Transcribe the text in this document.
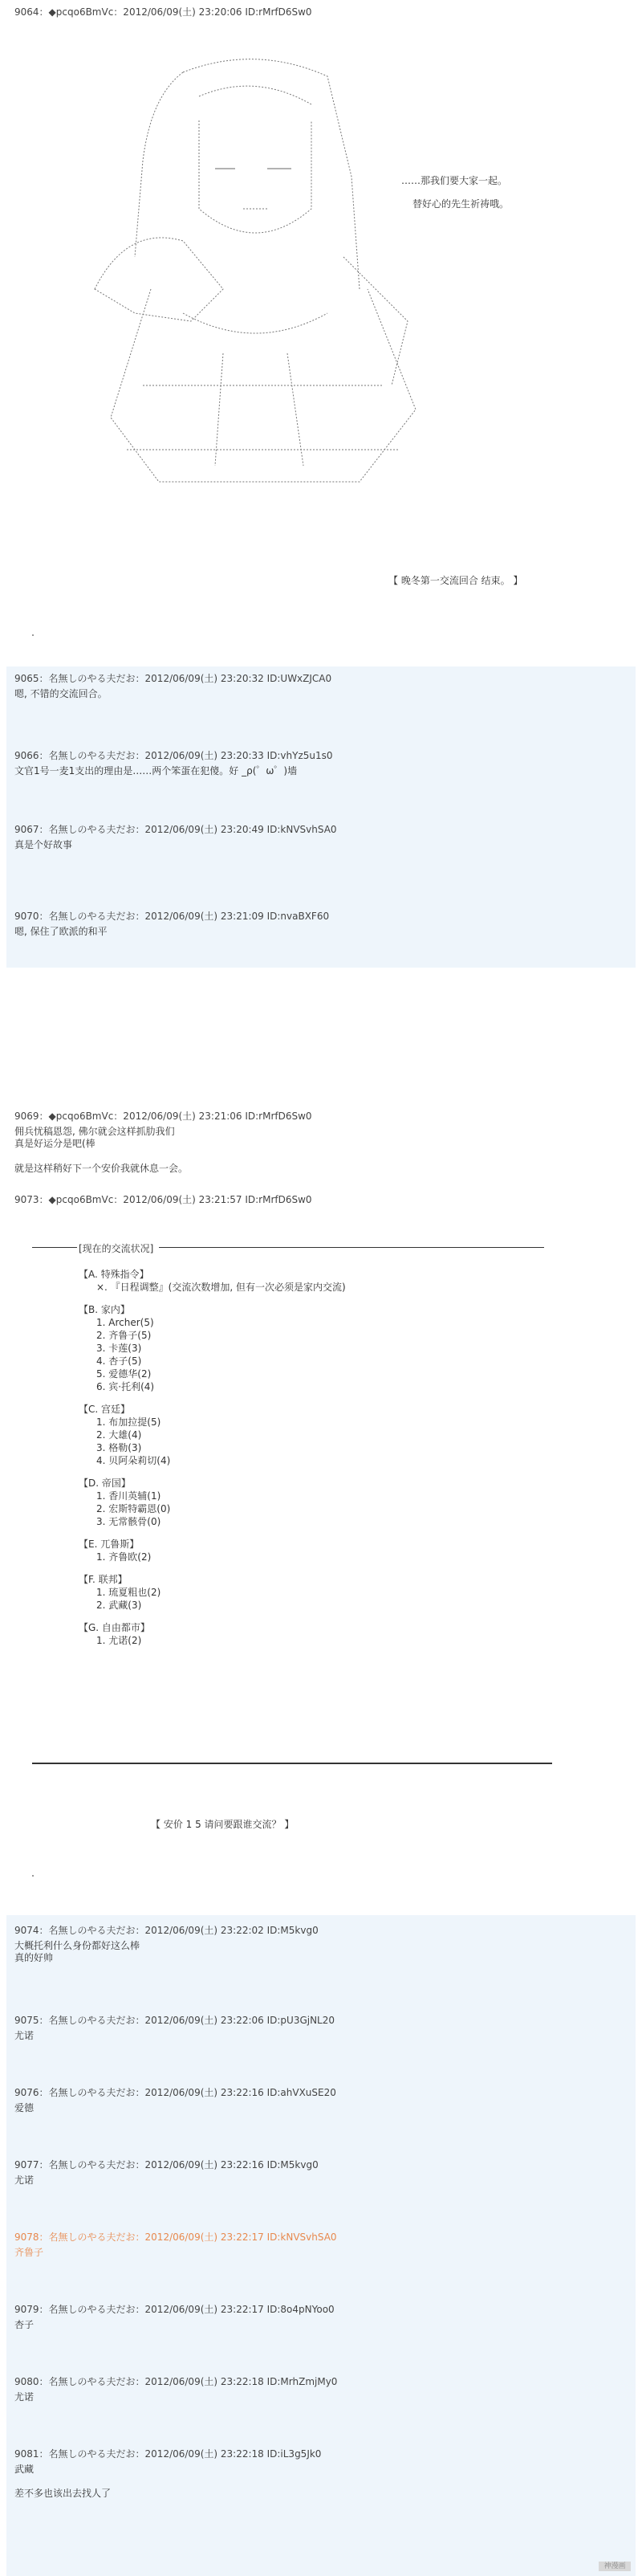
9064：◆pcqo6BmVc：2012/06/09(土) 23:20:06 ID:rMrfD6Sw0
……那我们要大家一起。
替好心的先生祈祷哦。
【 晚冬第一交流回合 结束。 】
9065：名無しのやる夫だお：2012/06/09(土) 23:20:32 ID:UWxZJCA0
嗯, 不错的交流回合。
9066：名無しのやる夫だお：2012/06/09(土) 23:20:33 ID:vhYz5u1s0
文官1号一麦1支出的理由是……两个笨蛋在犯傻。好 _ρ(゜ω゜)墙
9067：名無しのやる夫だお：2012/06/09(土) 23:20:49 ID:kNVSvhSA0
真是个好故事
9070：名無しのやる夫だお：2012/06/09(土) 23:21:09 ID:nvaBXF60
嗯, 保住了欧派的和平
9069：◆pcqo6BmVc：2012/06/09(土) 23:21:06 ID:rMrfD6Sw0
佣兵忧稿恩怨, 佛尔就会这样抓肋我们
真是好运分是吧(棒
就是这样稍好下一个安价我就休息一会。
9073：◆pcqo6BmVc：2012/06/09(土) 23:21:57 ID:rMrfD6Sw0
[现在的交流状况]
【A. 特殊指令】
×. 『日程调整』(交流次数增加, 但有一次必须是家内交流)
【B. 家内】
1. Archer(5)
2. 齐鲁子(5)
3. 卡莲(3)
4. 杏子(5)
5. 爱德华(2)
6. 宾·托利(4)
【C. 宫廷】
1. 布加拉提(5)
2. 大雄(4)
3. 格勒(3)
4. 贝阿朵莉切(4)
【D. 帝国】
1. 香川英辅(1)
2. 宏斯特霸恩(0)
3. 无常骸骨(0)
【E. 兀鲁斯】
1. 齐鲁欧(2)
【F. 联邦】
1. 琉夏粗也(2)
2. 武藏(3)
【G. 自由都市】
1. 尤诺(2)
【 安价 1 5 请问要跟谁交流？ 】
9074：名無しのやる夫だお：2012/06/09(土) 23:22:02 ID:M5kvg0
大概托利什么身份都好这么棒
真的好帅
9075：名無しのやる夫だお：2012/06/09(土) 23:22:06 ID:pU3GjNL20
尤诺
9076：名無しのやる夫だお：2012/06/09(土) 23:22:16 ID:ahVXuSE20
爱德
9077：名無しのやる夫だお：2012/06/09(土) 23:22:16 ID:M5kvg0
尤诺
9078：名無しのやる夫だお：2012/06/09(土) 23:22:17 ID:kNVSvhSA0
齐鲁子
9079：名無しのやる夫だお：2012/06/09(土) 23:22:17 ID:8o4pNYoo0
杏子
9080：名無しのやる夫だお：2012/06/09(土) 23:22:18 ID:MrhZmjMy0
尤诺
9081：名無しのやる夫だお：2012/06/09(土) 23:22:18 ID:iL3g5Jk0
武藏
差不多也该出去找人了
神漫画
